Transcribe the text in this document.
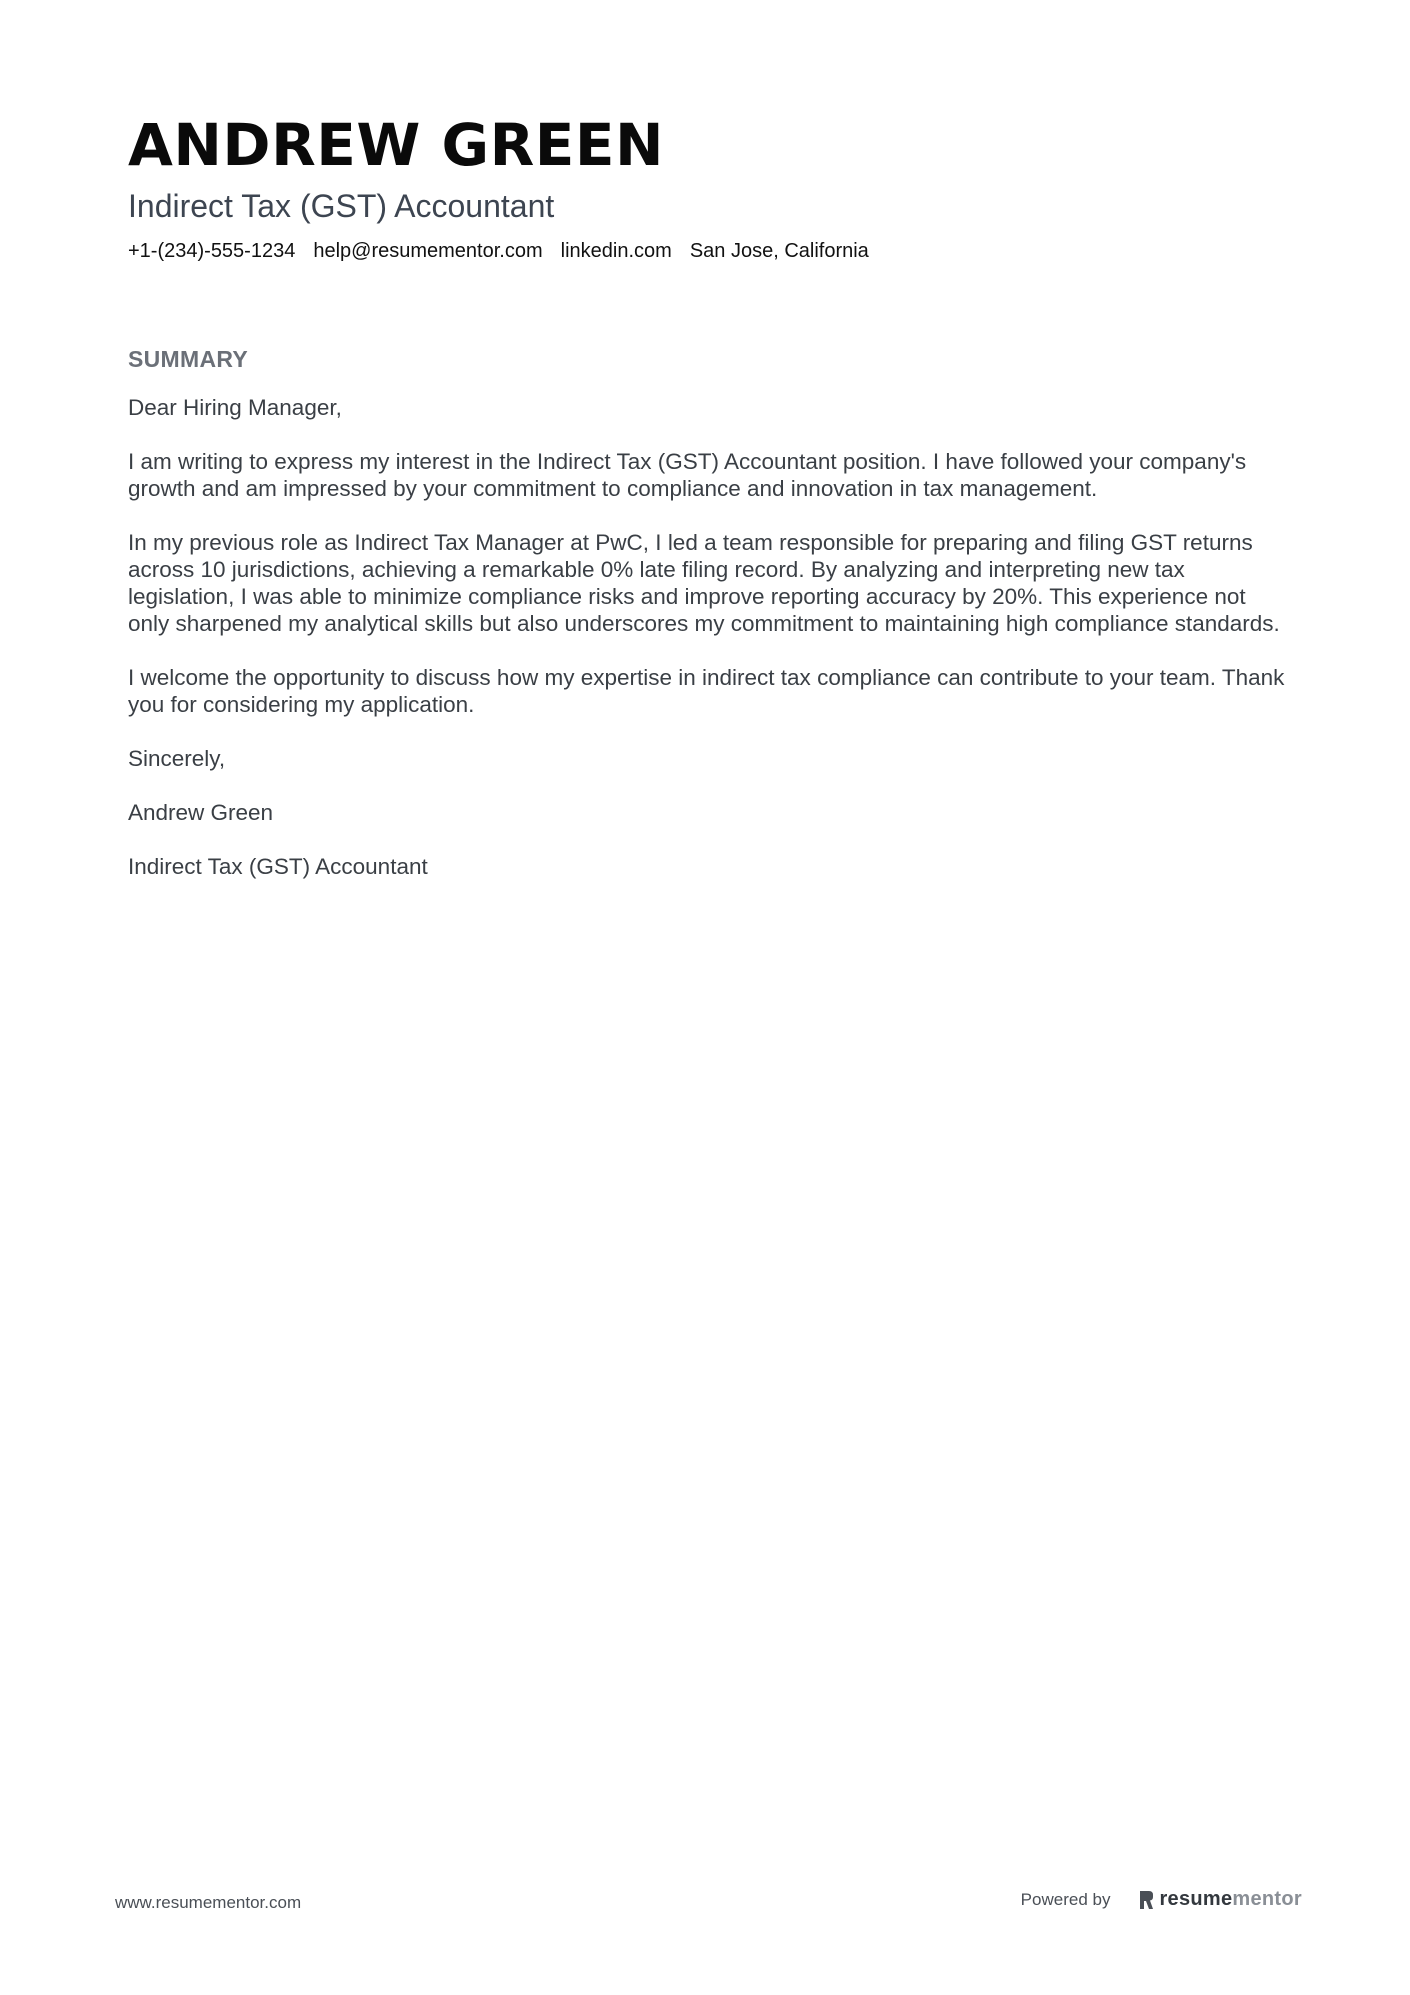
ANDREW GREEN
Indirect Tax (GST) Accountant
+1-(234)-555-1234 help@resumementor.com linkedin.com San Jose, California
SUMMARY

Dear Hiring Manager,

I am writing to express my interest in the Indirect Tax (GST) Accountant position. I have followed your company's growth and am impressed by your commitment to compliance and innovation in tax management.

In my previous role as Indirect Tax Manager at PwC, I led a team responsible for preparing and filing GST returns across 10 jurisdictions, achieving a remarkable 0% late filing record. By analyzing and interpreting new tax legislation, I was able to minimize compliance risks and improve reporting accuracy by 20%. This experience not only sharpened my analytical skills but also underscores my commitment to maintaining high compliance standards.

I welcome the opportunity to discuss how my expertise in indirect tax compliance can contribute to your team. Thank you for considering my application.

Sincerely,

Andrew Green

Indirect Tax (GST) Accountant

www.resumementor.com	Powered by resumementor
